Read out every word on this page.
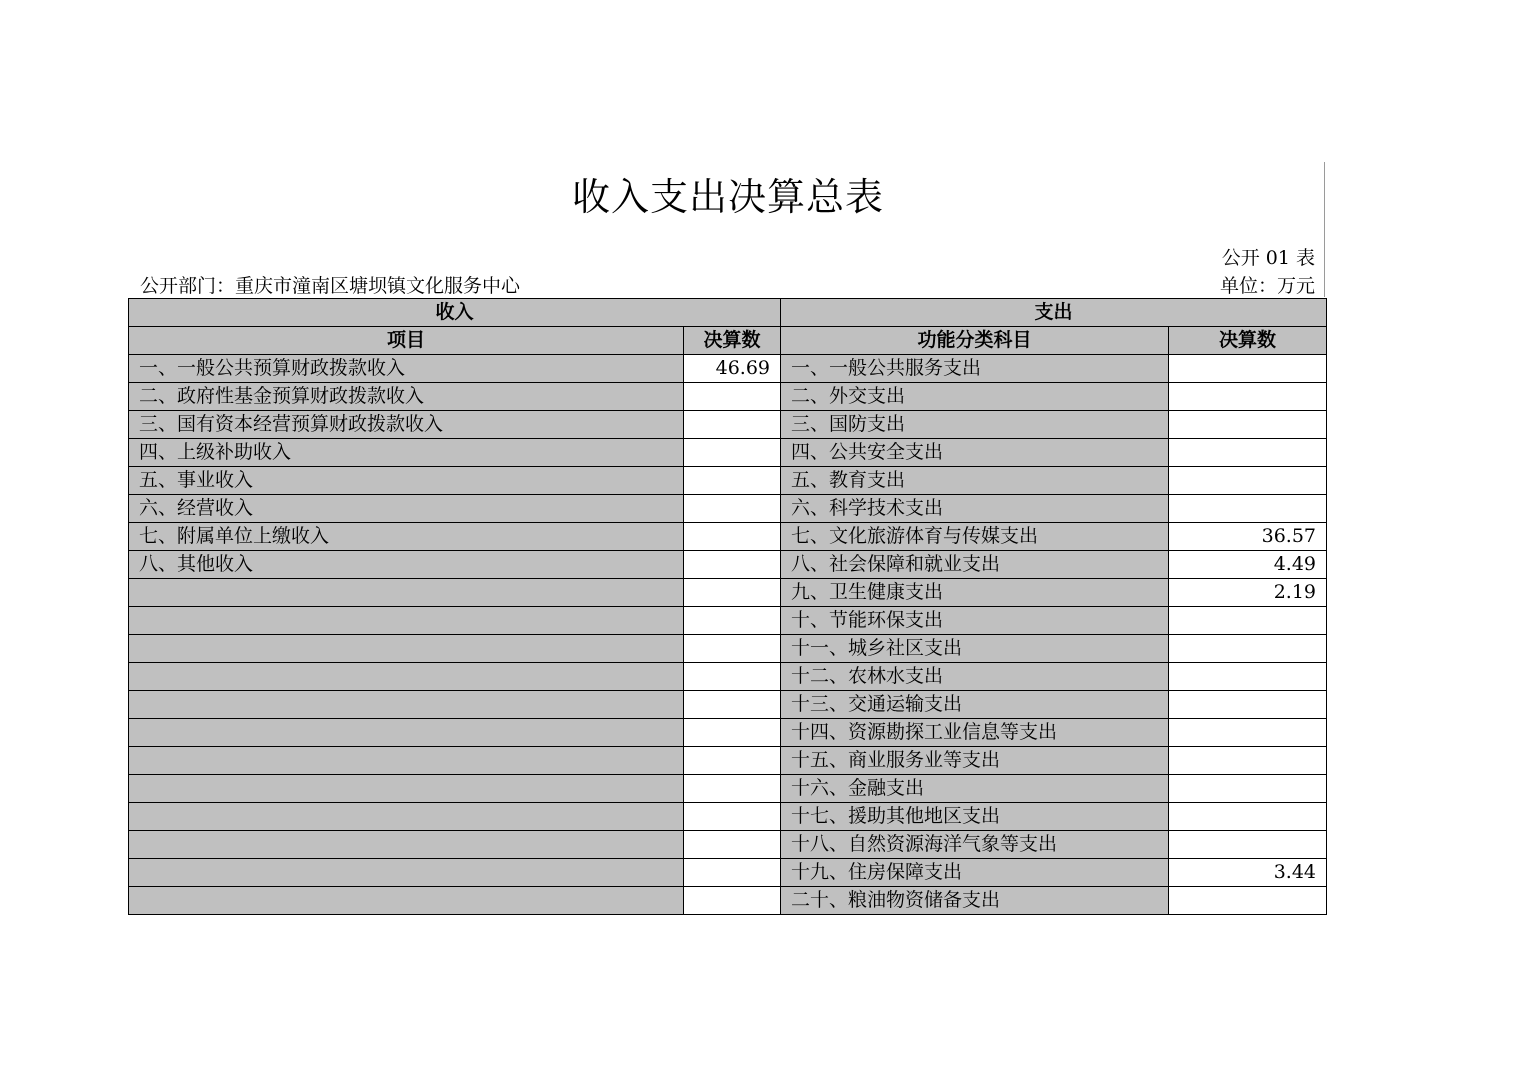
收入支出决算总表
公开 01 表
公开部门：重庆市潼南区塘坝镇文化服务中心	单位：万元
收入		支出	
项目	决算数	功能分类科目	决算数
一、一般公共预算财政拨款收入	46.69	一、一般公共服务支出	
二、政府性基金预算财政拨款收入		二、外交支出	
三、国有资本经营预算财政拨款收入		三、国防支出	
四、上级补助收入		四、公共安全支出	
五、事业收入		五、教育支出	
六、经营收入		六、科学技术支出	
七、附属单位上缴收入		七、文化旅游体育与传媒支出	36.57
八、其他收入		八、社会保障和就业支出	4.49
		九、卫生健康支出	2.19
		十、节能环保支出	
		十一、城乡社区支出	
		十二、农林水支出	
		十三、交通运输支出	
		十四、资源勘探工业信息等支出	
		十五、商业服务业等支出	
		十六、金融支出	
		十七、援助其他地区支出	
		十八、自然资源海洋气象等支出	
		十九、住房保障支出	3.44
		二十、粮油物资储备支出	
